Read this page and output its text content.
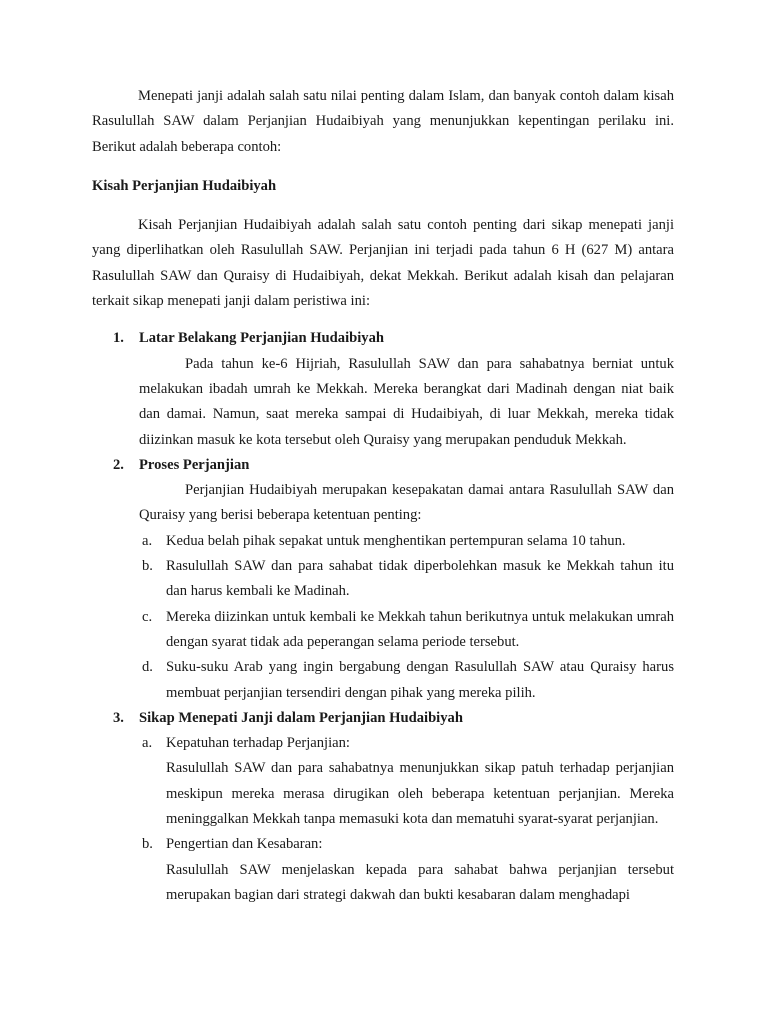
Menepati janji adalah salah satu nilai penting dalam Islam, dan banyak contoh dalam kisah Rasulullah SAW dalam Perjanjian Hudaibiyah yang menunjukkan kepentingan perilaku ini. Berikut adalah beberapa contoh:

Kisah Perjanjian Hudaibiyah

Kisah Perjanjian Hudaibiyah adalah salah satu contoh penting dari sikap menepati janji yang diperlihatkan oleh Rasulullah SAW. Perjanjian ini terjadi pada tahun 6 H (627 M) antara Rasulullah SAW dan Quraisy di Hudaibiyah, dekat Mekkah. Berikut adalah kisah dan pelajaran terkait sikap menepati janji dalam peristiwa ini:

1. Latar Belakang Perjanjian Hudaibiyah

Pada tahun ke-6 Hijriah, Rasulullah SAW dan para sahabatnya berniat untuk melakukan ibadah umrah ke Mekkah. Mereka berangkat dari Madinah dengan niat baik dan damai. Namun, saat mereka sampai di Hudaibiyah, di luar Mekkah, mereka tidak diizinkan masuk ke kota tersebut oleh Quraisy yang merupakan penduduk Mekkah.

2. Proses Perjanjian

Perjanjian Hudaibiyah merupakan kesepakatan damai antara Rasulullah SAW dan Quraisy yang berisi beberapa ketentuan penting:

a. Kedua belah pihak sepakat untuk menghentikan pertempuran selama 10 tahun.

b. Rasulullah SAW dan para sahabat tidak diperbolehkan masuk ke Mekkah tahun itu dan harus kembali ke Madinah.

c. Mereka diizinkan untuk kembali ke Mekkah tahun berikutnya untuk melakukan umrah dengan syarat tidak ada peperangan selama periode tersebut.

d. Suku-suku Arab yang ingin bergabung dengan Rasulullah SAW atau Quraisy harus membuat perjanjian tersendiri dengan pihak yang mereka pilih.

3. Sikap Menepati Janji dalam Perjanjian Hudaibiyah

a. Kepatuhan terhadap Perjanjian:

Rasulullah SAW dan para sahabatnya menunjukkan sikap patuh terhadap perjanjian meskipun mereka merasa dirugikan oleh beberapa ketentuan perjanjian. Mereka meninggalkan Mekkah tanpa memasuki kota dan mematuhi syarat-syarat perjanjian.

b. Pengertian dan Kesabaran:

Rasulullah SAW menjelaskan kepada para sahabat bahwa perjanjian tersebut merupakan bagian dari strategi dakwah dan bukti kesabaran dalam menghadapi
